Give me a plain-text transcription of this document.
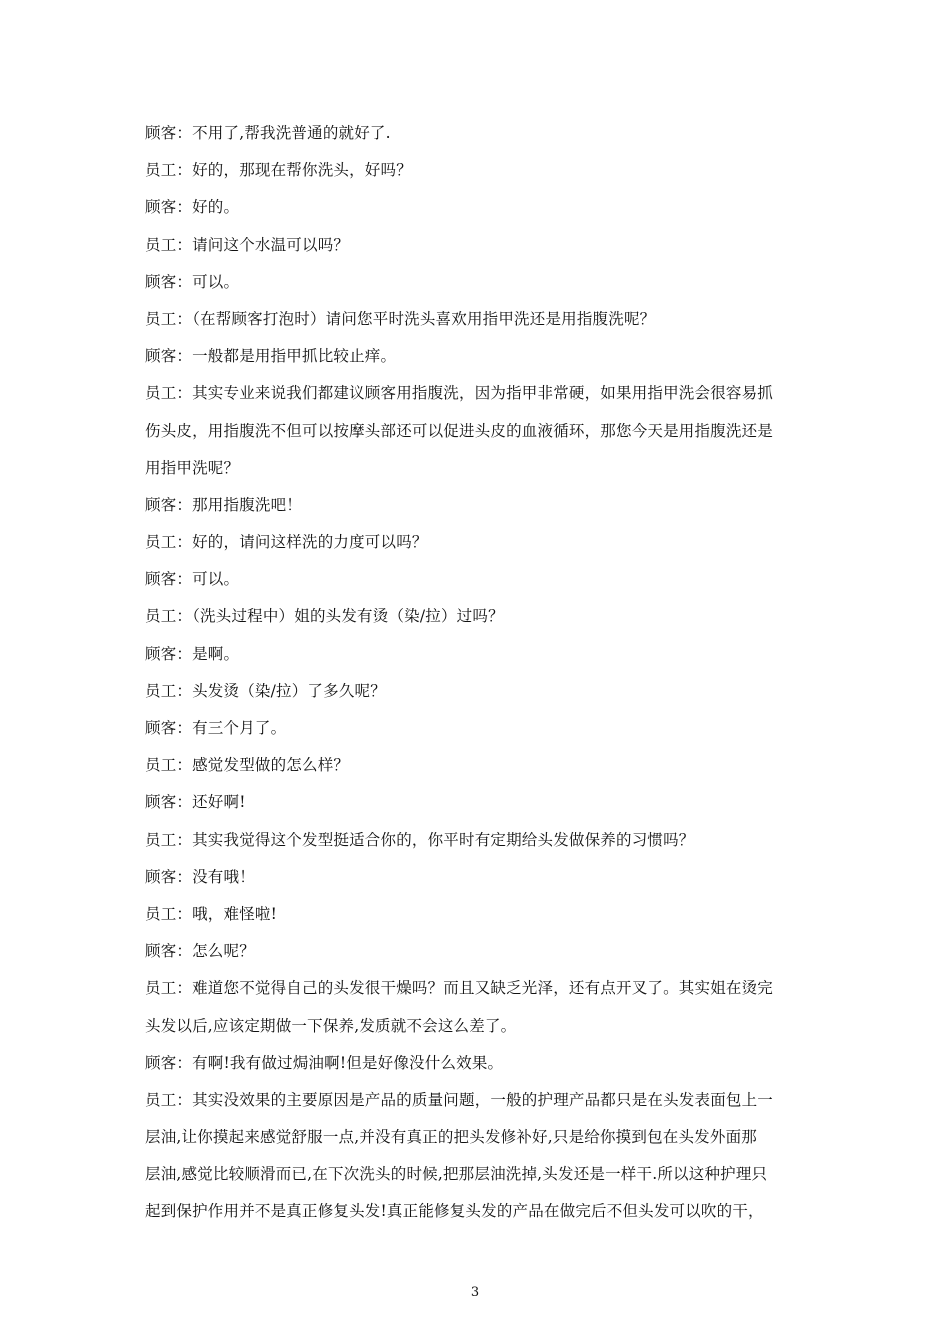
顾客：不用了,帮我洗普通的就好了.
员工：好的，那现在帮你洗头，好吗？
顾客：好的。
员工：请问这个水温可以吗？
顾客：可以。
员工：（在帮顾客打泡时）请问您平时洗头喜欢用指甲洗还是用指腹洗呢？
顾客：一般都是用指甲抓比较止痒。
员工：其实专业来说我们都建议顾客用指腹洗，因为指甲非常硬，如果用指甲洗会很容易抓
伤头皮，用指腹洗不但可以按摩头部还可以促进头皮的血液循环，那您今天是用指腹洗还是
用指甲洗呢？
顾客：那用指腹洗吧！
员工：好的，请问这样洗的力度可以吗？
顾客：可以。
员工：（洗头过程中）姐的头发有烫（染/拉）过吗？
顾客：是啊。
员工：头发烫（染/拉）了多久呢？
顾客：有三个月了。
员工：感觉发型做的怎么样？
顾客：还好啊!
员工：其实我觉得这个发型挺适合你的，你平时有定期给头发做保养的习惯吗？
顾客：没有哦！
员工：哦，难怪啦!
顾客：怎么呢？
员工：难道您不觉得自己的头发很干燥吗？而且又缺乏光泽，还有点开叉了。其实姐在烫完
头发以后,应该定期做一下保养,发质就不会这么差了。
顾客：有啊!我有做过焗油啊!但是好像没什么效果。
员工：其实没效果的主要原因是产品的质量问题，一般的护理产品都只是在头发表面包上一
层油,让你摸起来感觉舒服一点,并没有真正的把头发修补好,只是给你摸到包在头发外面那
层油,感觉比较顺滑而已,在下次洗头的时候,把那层油洗掉,头发还是一样干.所以这种护理只
起到保护作用并不是真正修复头发!真正能修复头发的产品在做完后不但头发可以吹的干，
3
